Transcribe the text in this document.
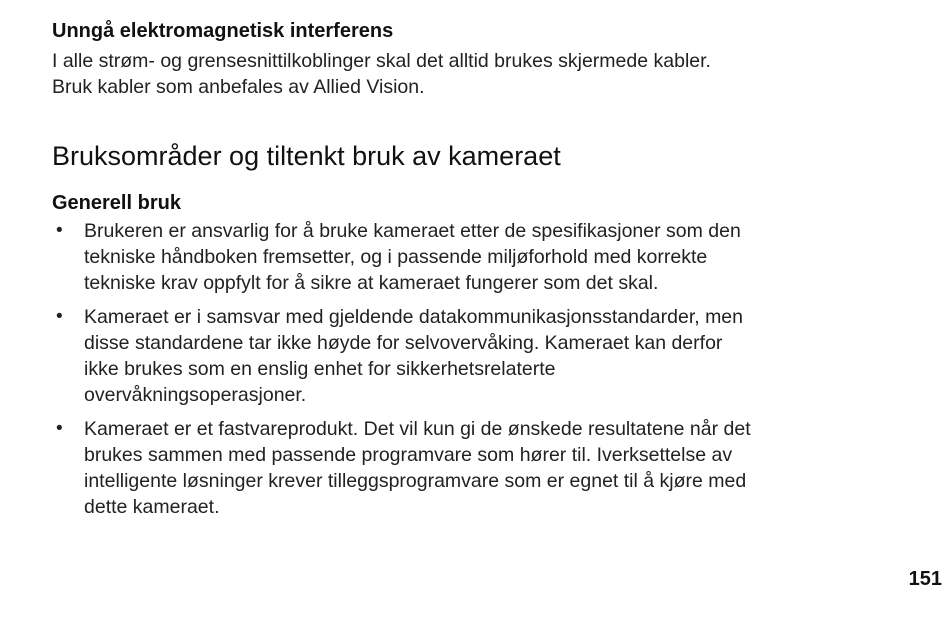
Unngå elektromagnetisk interferens

I alle strøm- og grensesnittilkoblinger skal det alltid brukes skjermede kabler.
Bruk kabler som anbefales av Allied Vision.

Bruksområder og tiltenkt bruk av kameraet
Generell bruk
• Brukeren er ansvarlig for å bruke kameraet etter de spesifikasjoner som den
tekniske håndboken fremsetter, og i passende miljøforhold med korrekte
tekniske krav oppfylt for å sikre at kameraet fungerer som det skal.
• Kameraet er i samsvar med gjeldende datakommunikasjonsstandarder, men
disse standardene tar ikke høyde for selvovervåking. Kameraet kan derfor
ikke brukes som en enslig enhet for sikkerhetsrelaterte
overvåkningsoperasjoner.
• Kameraet er et fastvareprodukt. Det vil kun gi de ønskede resultatene når det
brukes sammen med passende programvare som hører til. Iverksettelse av
intelligente løsninger krever tilleggsprogramvare som er egnet til å kjøre med
dette kameraet.
151
